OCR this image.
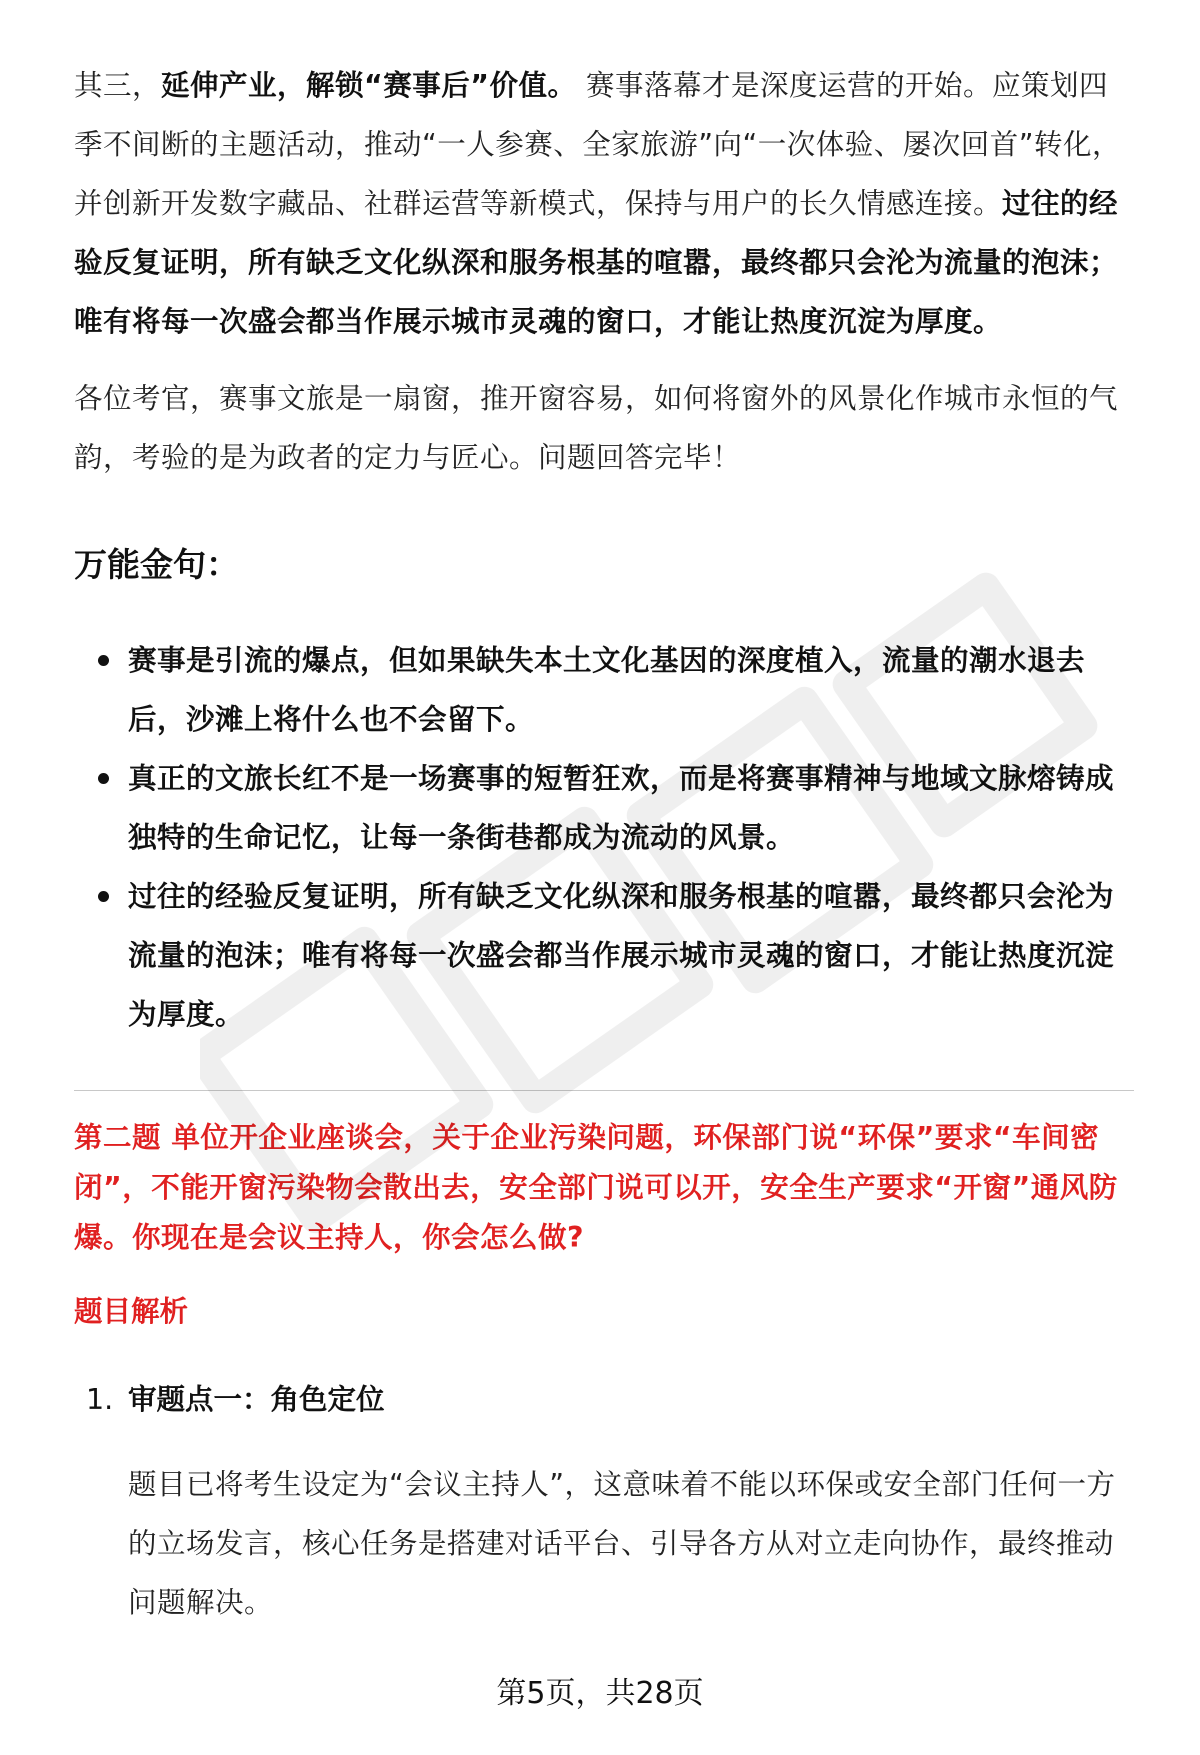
其三，延伸产业，解锁“赛事后”价值。 赛事落幕才是深度运营的开始。应策划四季不间断的主题活动，推动“一人参赛、全家旅游”向“一次体验、屡次回首”转化，并创新开发数字藏品、社群运营等新模式，保持与用户的长久情感连接。过往的经验反复证明，所有缺乏文化纵深和服务根基的喧嚣，最终都只会沦为流量的泡沫；唯有将每一次盛会都当作展示城市灵魂的窗口，才能让热度沉淀为厚度。

各位考官，赛事文旅是一扇窗，推开窗容易，如何将窗外的风景化作城市永恒的气韵，考验的是为政者的定力与匠心。问题回答完毕！

万能金句：
赛事是引流的爆点，但如果缺失本土文化基因的深度植入，流量的潮水退去后，沙滩上将什么也不会留下。
真正的文旅长红不是一场赛事的短暂狂欢，而是将赛事精神与地域文脉熔铸成独特的生命记忆，让每一条街巷都成为流动的风景。
过往的经验反复证明，所有缺乏文化纵深和服务根基的喧嚣，最终都只会沦为流量的泡沫；唯有将每一次盛会都当作展示城市灵魂的窗口，才能让热度沉淀为厚度。

第二题 单位开企业座谈会，关于企业污染问题，环保部门说“环保”要求“车间密闭”，不能开窗污染物会散出去，安全部门说可以开，安全生产要求“开窗”通风防爆。你现在是会议主持人，你会怎么做?

题目解析
1. 审题点一：角色定位

题目已将考生设定为“会议主持人”，这意味着不能以环保或安全部门任何一方的立场发言，核心任务是搭建对话平台、引导各方从对立走向协作，最终推动问题解决。

第5页，共28页
